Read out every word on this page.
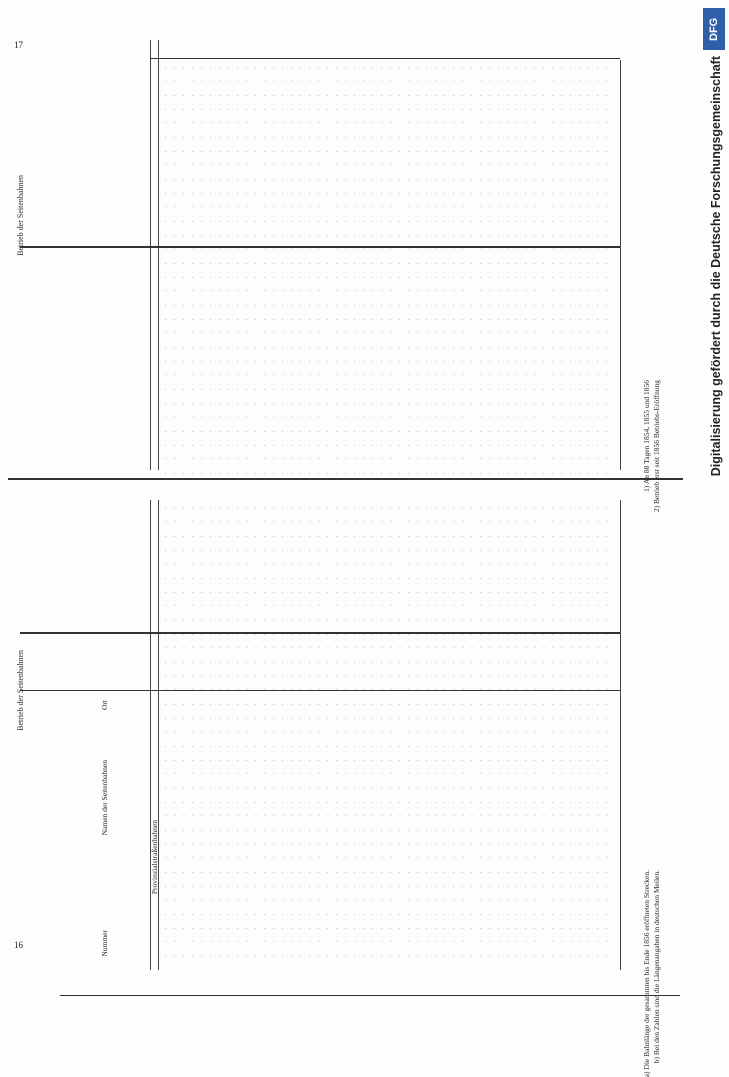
DFG
Digitalisierung gefördert durch die Deutsche Forschungsgemeinschaft
17
Betrieb der Seitenbahnen
1) An 88 Tagen 1854, 1855 und 1856 2) Betrieb erst seit 1856 Betriebs-Eröffnung
16
Betrieb der Seitenbahnen
Namen der Seitenbahnen
Ort
Nummer
Provinzialstraßenbahnen
a) Die Bahnlänge der gesammten bis Ende 1856 eröffneten Strecken. b) Bei den Zahlen sind die Längenangaben in deutschen Meilen.
.
·
.
.
·
.
.
·
.
.
·
.
.
·
.
.
·
.
.
·
.
.
·
.
.
·
.
.
·
.
.
·
.
.
·
.
.
·
.
.
·
.
.
·
.
.
·
.
.
·
.
.
·
.
.
·
.
.
·
.
.
·
.
.
·
.
.
·
.
.
·
.
.
·
.
.
·
.
.
·
.
.
·
.
.
·
.
.
·
.
.
·
.
.
·
.
.
·
.
.
·
.
.
·
.
.
·
.
.
·
.
.
·
.
.
·
.
.
·
.
.
·
.
.
·
.
.
·
.
.
·
.
.
·
.
.
·
.
.
·
.
.
·
.
.
·
.
.
·
.
.
·
.
.
·
.
.
·
.
.
·
.
.
·
.
.
·
.
.
·
.
.
·
.
.
·
.
.
·
.
.
·
.
.
·
.
.
·
.
.
·
.
.
·
.
.
·
.
.
·
.
.
·
.
.
·
.
.
·
.
.
·
.
.
·
.
.
·
.
.
·
.
.
·
.
.
·
.
.
·
.
.
·
.
.
·
.
.
·
.
.
·
.
.
·
.
.
·
.
.
·
.
.
·
.
.
·
.
.
·
.
.
·
.
.
·
.
.
·
.
.
·
.
.
·
.
.
·
.
.
·
.
.
·
.
.
·
.
.
·
.
.
·
.
.
·
.
.
·
.
.
·
.
.
·
.
.
·
.
.
·
.
.
·
.
.
·
.
.
·
.
.
·
.
.
·
.
.
·
.
.
·
.
.
·
.
.
·
.
.
·
.
.
·
.
.
·
.
.
·
.
.
·
.
.
·
.
.
·
.
.
·
.
.
·
.
.
·
.
.
·
.
.
·
.
.
·
.
.
·
.
.
·
.
.
·
.
.
·
.
.
·
.
.
·
.
.
·
.
.
·
.
.
·
.
.
·
.
.
·
.
.
·
.
.
·
.
.
·
.
.
·
.
.
·
.
.
·
.
.
·
.
.
·
.
.
·
.
.
·
.
.
·
.
.
·
.
.
·
.
.
·
.
.
·
.
.
·
.
.
·
.
.
·
.
.
·
.
.
·
.
.
·
.
.
·
.
.
·
.
.
·
.
.
·
.
.
·
.
.
·
.
.
·
.
.
·
.
.
·
.
.
·
.
.
·
.
.
·
.
.
·
.
.
·
.
.
·
.
.
·
.
.
·
.
.
·
.
.
·
.
.
·
.
.
·
.
.
·
.
.
·
.
.
·
.
.
·
.
.
·
.
.
·
.
.
·
.
.
·
.
.
·
.
.
·
.
.
·
.
.
·
.
.
·
.
.
·
.
.
·
.
.
·
.
.
·
.
.
·
.
.
·
.
.
·
.
.
·
.
.
·
.
.
·
.
.
·
.
.
·
.
.
·
.
.
·
.
.
·
.
.
·
.
.
·
.
.
·
.
.
·
.
.
·
.
.
·
.
.
·
.
.
·
.
.
·
.
.
·
.
.
·
.
.
·
.
.
·
.
.
·
.
.
·
.
.
·
.
.
·
.
.
·
.
.
·
.
.
·
.
.
·
.
.
·
.
.
·
.
.
·
.
.
·
.
.
·
.
.
·
.
.
·
.
.
·
.
.
·
.
.
·
.
.
·
.
.
·
.
.
·
.
.
·
.
.
·
.
.
·
.
.
·
.
.
·
.
.
·
.
.
·
.
.
·
.
.
·
.
.
·
.
.
·
.
.
·
.
.
·
.
.
·
.
.
·
.
.
·
.
.
·
.
.
·
.
.
·
.
.
·
.
.
·
.
.
·
.
.
·
.
.
·
.
.
·
.
.
·
.
.
·
.
.
·
.
.
·
.
.
·
.
.
·
.
.
·
.
.
·
.
.
·
.
.
·
.
.
·
.
.
·
.
.
·
.
.
·
.
.
·
.
.
·
.
.
·
.
.
·
.
.
·
.
.
·
.
.
·
.
.
·
.
.
·
.
.
·
.
.
·
.
.
·
.
.
·
.
.
·
.
.
·
.
.
·
.
.
·
.
.
·
.
.
·
.
.
·
.
.
·
.
.
·
.
.
·
.
.
·
.
.
·
.
.
·
.
.
·
.
.
·
.
.
·
.
.
·
.
.
·
.
.
·
.
.
·
.
.
·
.
.
·
.
.
·
.
.
·
.
.
·
.
.
·
.
.
·
.
.
·
.
.
·
.
.
·
.
.
·
.
.
·
.
.
·
.
.
·
.
.
·
.
.
·
.
.
·
.
.
·
.
.
·
.
.
·
.
.
·
.
.
·
.
.
·
.
.
·
.
.
·
.
.
·
.
.
·
.
.
·
.
.
·
.
.
·
.
.
·
.
.
·
.
.
·
.
.
·
.
.
·
.
.
·
.
.
·
.
.
·
.
.
·
.
.
·
.
.
·
.
.
·
.
.
·
.
.
·
.
.
·
.
.
·
.
.
·
.
.
·
.
.
·
.
.
·
.
.
·
.
.
·
.
.
·
.
.
·
.
.
·
.
.
·
.
.
·
.
.
·
.
.
·
.
.
·
.
.
·
.
.
·
.
.
·
.
.
·
.
.
·
.
.
·
.
.
·
.
.
·
.
.
·
.
.
·
.
.
·
.
.
·
.
.
·
.
.
·
.
.
·
.
.
·
.
.
·
.
.
·
.
.
·
.
.
·
.
.
·
.
.
·
.
.
·
.
.
·
.
.
·
.
.
·
.
.
·
.
.
·
.
.
·
.
.
·
.
.
·
.
.
·
.
.
·
.
.
·
.
.
·
.
.
·
.
.
·
.
.
·
.
.
·
.
.
·
.
.
·
.
.
·
.
.
·
.
.
·
.
.
·
.
.
·
.
.
·
.
.
·
.
.
·
.
.
·
.
.
·
.
.
·
.
.
·
.
.
·
.
.
·
.
.
·
.
.
·
.
.
·
.
.
·
.
.
·
.
.
·
.
.
·
.
.
·
.
.
·
.
.
·
.
.
·
.
.
·
.
.
·
.
.
·
.
.
·
.
.
·
.
.
·
.
.
·
.
.
·
.
.
·
.
.
·
.
.
·
.
.
·
.
.
·
.
.
·
.
.
·
.
.
·
.
.
·
.
.
·
.
.
·
.
.
·
.
.
·
.
.
·
.
.
·
.
.
·
.
.
·
.
.
·
.
.
·
.
.
·
.
.
·
.
.
·
.
.
·
.
.
·
.
.
·
.
.
·
.
.
·
.
.
·
.
.
·
.
.
·
.
.
·
.
.
·
.
.
·
.
.
·
.
.
·
.
.
·
.
.
·
.
.
·
.
.
·
.
.
·
.
.
·
.
.
·
.
.
·
.
.
·
.
.
·
.
.
·
.
.
·
.
.
·
.
.
·
.
.
·
.
.
·
.
.
·
.
.
·
.
.
·
.
.
·
.
.
·
.
.
·
.
.
·
.
.
·
.
.
·
.
.
·
.
.
·
.
.
·
.
.
·
.
.
·
.
.
·
.
.
·
.
.
·
.
.
·
.
.
·
.
.
·
.
.
·
.
.
·
.
.
·
.
.
·
.
.
·
.
.
·
.
.
·
.
.
·
.
.
·
.
.
·
.
.
·
.
.
·
.
.
·
.
.
·
.
.
·
.
.
·
.
.
·
.
.
·
.
.
·
.
.
·
.
.
·
.
.
·
.
.
·
.
.
·
.
.
·
.
.
·
.
.
·
.
.
·
.
.
·
.
.
·
.
.
·
.
.
·
.
.
·
.
.
·
.
.
·
.
.
·
.
.
·
.
.
·
.
.
·
.
.
·
.
.
·
.
.
·
.
.
·
.
.
·
.
.
·
.
.
·
.
.
·
.
.
·
.
.
·
.
.
·
.
.
·
.
.
·
.
.
·
.
.
·
.
.
·
.
.
·
.
.
·
.
.
·
.
.
·
.
.
·
.
.
·
.
.
·
.
.
·
.
.
·
.
.
·
.
.
·
.
.
·
.
.
·
.
.
·
.
.
·
.
.
·
.
.
·
.
.
·
.
.
·
.
.
·
.
.
·
.
.
·
.
.
·
.
.
·
.
.
·
.
.
·
.
.
·
.
.
·
.
.
·
.
.
·
.
.
·
.
.
·
.
.
·
.
.
·
.
.
·
.
.
·
.
.
·
.
.
·
.
.
·
.
.
·
.
.
·
.
.
·
.
.
·
.
.
·
.
.
·
.
.
·
.
.
·
.
.
·
.
.
·
.
.
·
.
.
·
.
.
·
.
.
·
.
.
·
.
.
·
.
.
·
.
.
·
.
.
·
.
.
·
.
.
·
.
.
·
.
.
·
.
.
·
.
.
·
.
.
·
.
.
·
.
.
·
.
.
·
.
.
·
.
.
·
.
.
·
.
.
·
.
.
·
.
.
·
.
.
·
.
.
·
.
.
·
.
.
·
.
.
·
.
.
·
.
.
·
.
.
·
.
.
·
.
.
·
.
.
·
.
.
·
.
.
·
.
.
·
.
.
·
.
.
·
.
.
·
.
.
·
.
.
·
.
.
·
.
.
·
.
.
·
.
.
·
.
.
·
.
.
·
.
.
·
.
.
·
.
.
·
.
.
·
.
.
·
.
.
·
.
.
·
.
.
·
.
.
·
.
.
·
.
.
·
.
.
·
.
.
·
.
.
·
.
.
·
.
.
·
.
.
·
.
.
·
.
.
·
.
.
·
.
.
·
.
.
·
.
.
·
.
.
·
.
.
·
.
.
·
.
.
·
.
.
·
.
.
·
.
.
·
.
.
·
.
.
·
.
.
·
.
.
·
.
.
·
.
.
·
.
.
·
.
.
·
.
.
·
.
.
·
.
.
·
.
.
·
.
.
·
.
.
·
.
.
·
.
.
·
.
.
·
.
.
·
.
.
·
.
.
·
.
.
·
.
.
·
.
.
·
.
.
·
.
.
·
.
.
·
.
.
·
.
.
·
.
.
·
.
.
·
.
.
·
.
.
·
.
.
·
.
.
·
.
.
·
.
.
·
.
.
·
.
.
·
.
.
·
.
.
·
.
.
·
.
.
·
.
.
·
.
.
·
.
.
·
.
.
·
.
.
·
.
.
·
.
.
·
.
.
·
.
.
·
.
.
·
.
.
·
.
.
·
.
.
·
.
.
·
.
.
·
.
.
·
.
.
·
.
.
·
.
.
·
.
.
·
.
.
·
.
.
·
.
.
·
.
.
·
.
.
·
.
.
·
.
.
·
.
.
·
.
.
·
.
.
·
.
.
·
.
.
·
.
.
·
.
.
·
.
.
·
.
.
·
.
.
·
.
.
·
.
.
·
.
.
·
.
.
·
.
.
·
.
.
·
.
.
·
.
.
·
.
.
·
.
.
·
.
.
·
.
.
·
.
.
·
.
.
·
.
.
·
.
.
·
.
.
·
.
.
·
.
.
·
.
.
·
.
.
·
.
.
·
.
.
·
.
.
·
.
.
·
.
.
·
.
.
·
.
.
·
.
.
·
.
.
·
.
.
·
.
.
·
.
.
·
.
.
·
.
.
·
.
.
·
.
.
·
.
.
·
.
.
·
.
.
·
.
.
·
.
.
·
.
.
·
.
.
·
.
.
·
.
.
·
.
.
·
.
.
·
.
.
·
.
.
·
.
.
·
.
.
·
.
.
·
.
.
·
.
.
·
.
.
·
.
.
·
.
.
·
.
.
·
.
.
·
.
.
·
.
.
·
.
.
·
.
.
·
.
.
·
.
.
·
.
.
·
.
.
·
.
.
·
.
.
·
.
.
·
.
.
·
.
.
·
.
.
·
.
.
·
.
.
·
.
.
·
.
.
·
.
.
·
.
.
·
.
.
·
.
.
·
.
.
·
.
.
·
.
.
·
.
.
·
.
.
·
.
.
·
.
.
·
.
.
·
.
.
·
.
.
·
.
.
·
.
.
·
.
.
·
.
.
·
.
.
·
.
.
·
.
.
·
.
.
·
.
.
·
.
.
·
.
.
·
.
.
·
.
.
·
.
.
·
.
.
·
.
.
·
.
.
·
.
.
·
.
.
·
.
.
·
.
.
·
.
.
·
.
.
·
.
.
·
.
.
·
.
.
·
.
.
·
.
.
·
.
.
·
.
.
·
.
.
·
.
.
·
.
.
·
.
.
·
.
.
·
.
.
·
.
.
·
.
.
·
.
.
·
.
.
·
.
.
·
.
.
·
.
.
·
.
.
·
.
.
·
.
.
·
.
.
·
.
.
·
.
.
·
.
.
·
.
.
·
.
.
·
.
.
·
.
.
·
.
.
·
.
.
·
.
.
·
.
.
·
.
.
·
.
.
·
.
.
·
.
.
·
.
.
·
.
.
·
.
.
·
.
.
·
.
.
·
.
.
·
.
.
·
.
.
·
.
.
·
.
.
·
.
.
·
.
.
·
.
.
·
.
.
·
.
.
·
.
.
·
.
.
·
.
.
·
.
.
·
.
.
·
.
.
·
.
.
·
.
.
·
.
.
·
.
.
·
.
.
·
.
.
·
.
.
·
.
.
·
.
.
·
.
.
·
.
.
·
.
.
·
.
.
·
.
.
·
.
.
·
.
.
·
.
.
·
.
.
·
.
.
·
.
.
·
.
.
·
.
.
·
.
.
·
.
.
·
.
.
·
.
.
·
.
.
·
.
.
·
.
.
·
.
.
·
.
.
·
.
.
·
.
.
·
.
.
·
.
.
·
.
.
·
.
.
·
.
.
·
.
.
·
.
.
·
.
.
·
.
.
·
.
.
·
.
.
·
.
.
·
.
.
·
.
.
·
.
.
·
.
.
·
.
.
·
.
.
·
.
.
·
.
.
·
.
.
·
.
.
·
.
.
·
.
.
·
.
.
·
.
.
·
.
.
·
.
.
·
.
.
·
.
.
·
.
.
·
.
.
·
.
.
·
.
.
·
.
.
·
.
.
·
.
.
·
.
.
·
.
.
·
.
.
·
.
.
·
.
.
·
.
.
·
.
.
·
.
.
·
.
.
·
.
.
·
.
.
·
.
.
·
.
.
·
.
.
·
.
.
·
.
.
·
.
.
·
.
.
·
.
.
·
.
.
·
.
.
·
.
.
·
.
.
·
.
.
·
.
